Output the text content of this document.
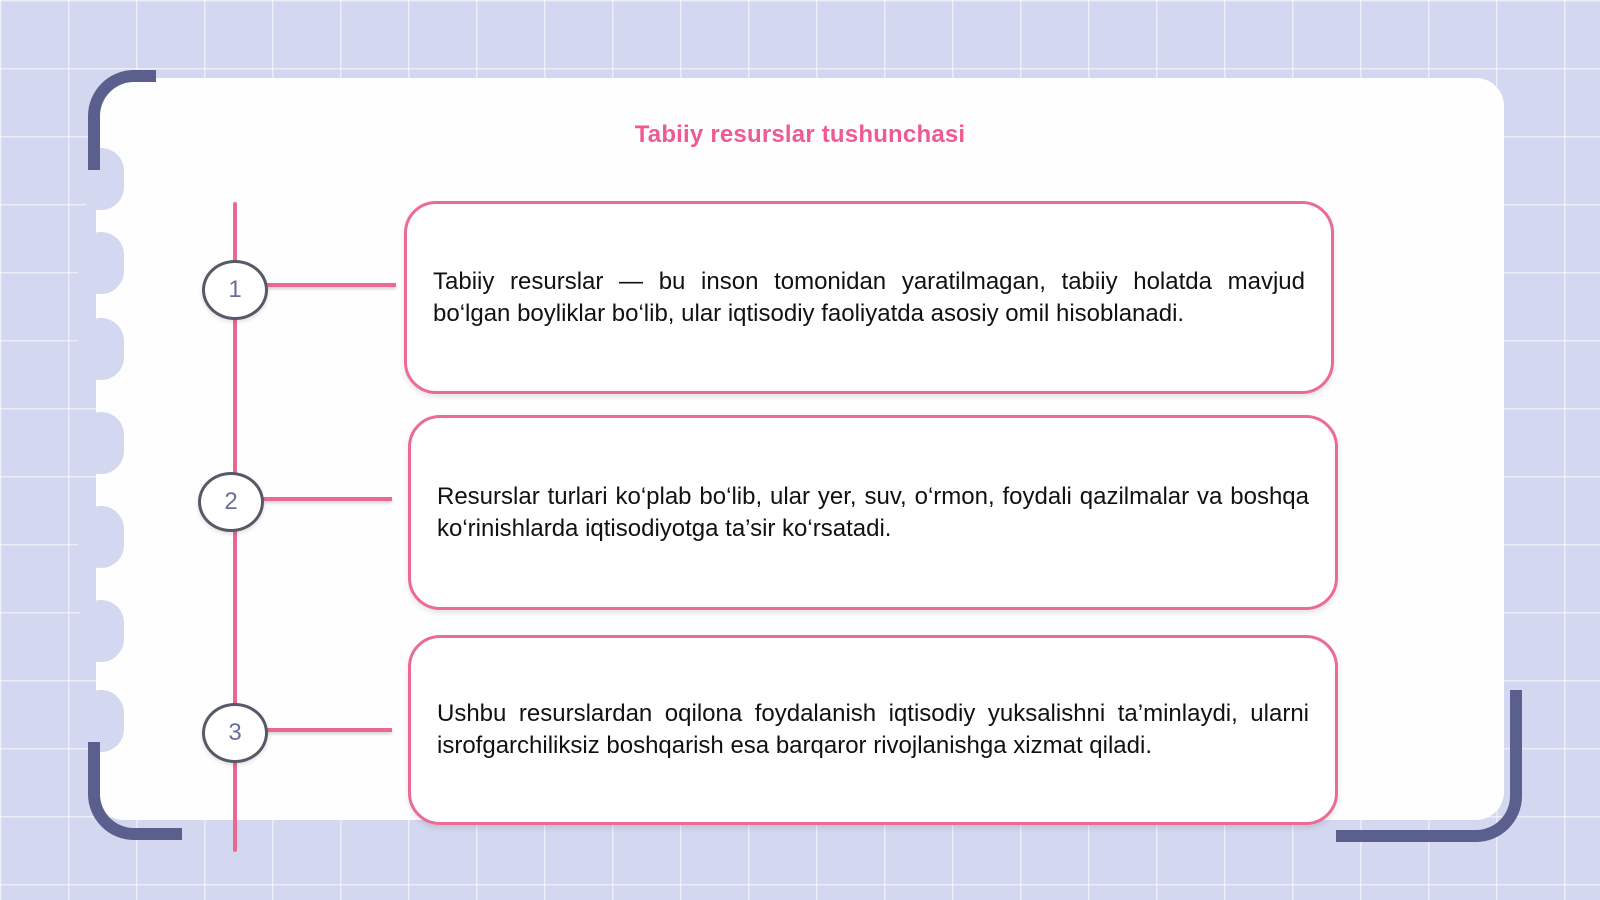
Tabiiy resurslar tushunchasi
1
2
3

Tabiiy resurslar — bu inson tomonidan yaratilmagan, tabiiy holatda mavjud bo‘lgan boyliklar bo‘lib, ular iqtisodiy faoliyatda asosiy omil hisoblanadi.

Resurslar turlari ko‘plab bo‘lib, ular yer, suv, o‘rmon, foydali qazilmalar va boshqa ko‘rinishlarda iqtisodiyotga ta’sir ko‘rsatadi.

Ushbu resurslardan oqilona foydalanish iqtisodiy yuksalishni ta’minlaydi, ularni isrofgarchiliksiz boshqarish esa barqaror rivojlanishga xizmat qiladi.
